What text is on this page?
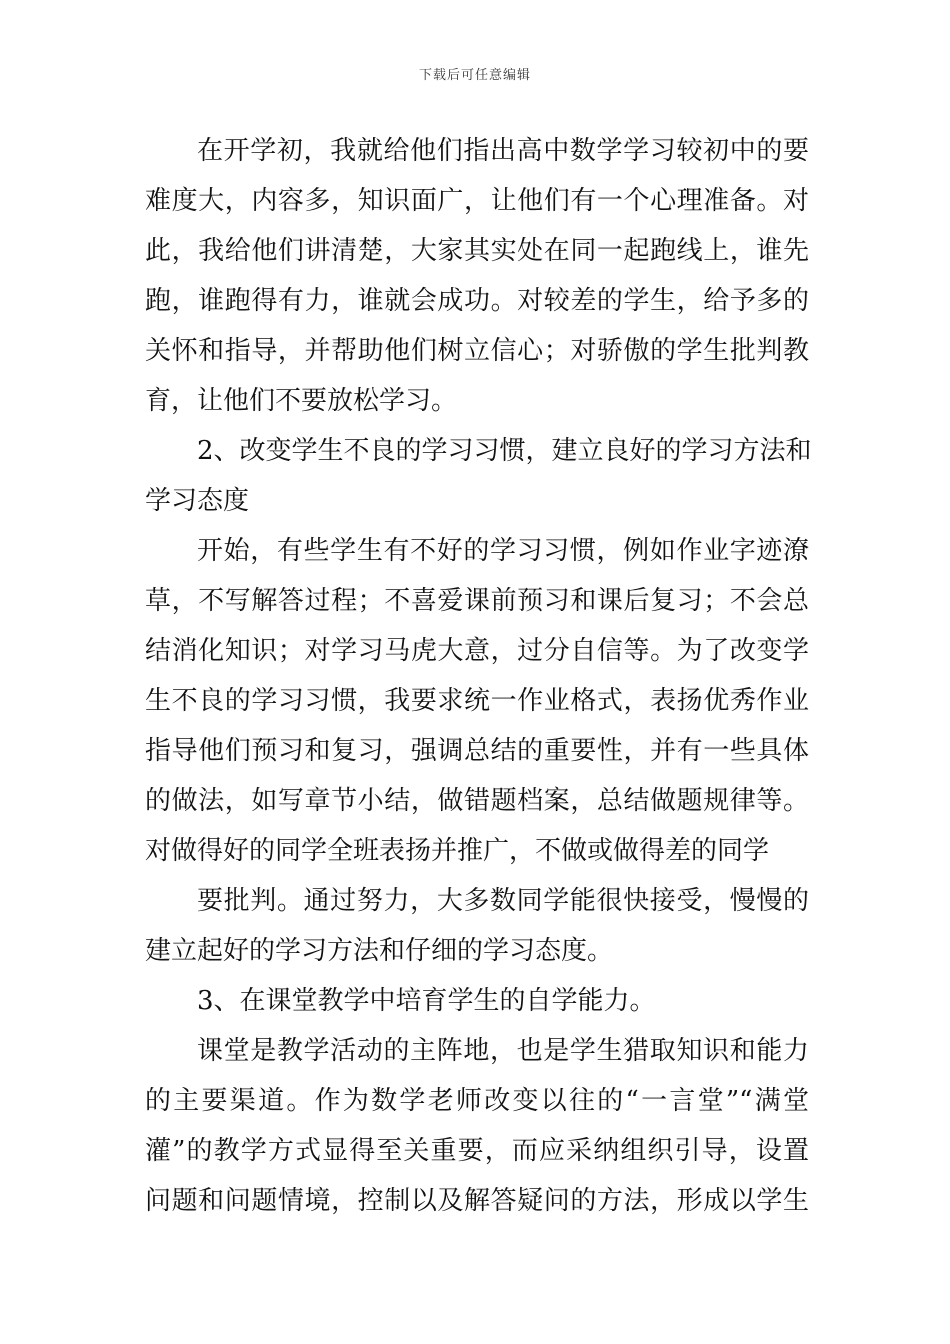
下载后可任意编辑
在开学初，我就给他们指出高中数学学习较初中的要
难度大，内容多，知识面广，让他们有一个心理准备。对
此，我给他们讲清楚，大家其实处在同一起跑线上，谁先
跑，谁跑得有力，谁就会成功。对较差的学生，给予多的
关怀和指导，并帮助他们树立信心；对骄傲的学生批判教
育，让他们不要放松学习。
2、改变学生不良的学习习惯，建立良好的学习方法和
学习态度
开始，有些学生有不好的学习习惯，例如作业字迹潦
草，不写解答过程；不喜爱课前预习和课后复习；不会总
结消化知识；对学习马虎大意，过分自信等。为了改变学
生不良的学习习惯，我要求统一作业格式，表扬优秀作业
指导他们预习和复习，强调总结的重要性，并有一些具体
的做法，如写章节小结，做错题档案，总结做题规律等。
对做得好的同学全班表扬并推广，不做或做得差的同学
要批判。通过努力，大多数同学能很快接受，慢慢的
建立起好的学习方法和仔细的学习态度。
3、在课堂教学中培育学生的自学能力。
课堂是教学活动的主阵地，也是学生猎取知识和能力
的主要渠道。作为数学老师改变以往的“一言堂”“满堂
灌”的教学方式显得至关重要，而应采纳组织引导，设置
问题和问题情境，控制以及解答疑问的方法，形成以学生
